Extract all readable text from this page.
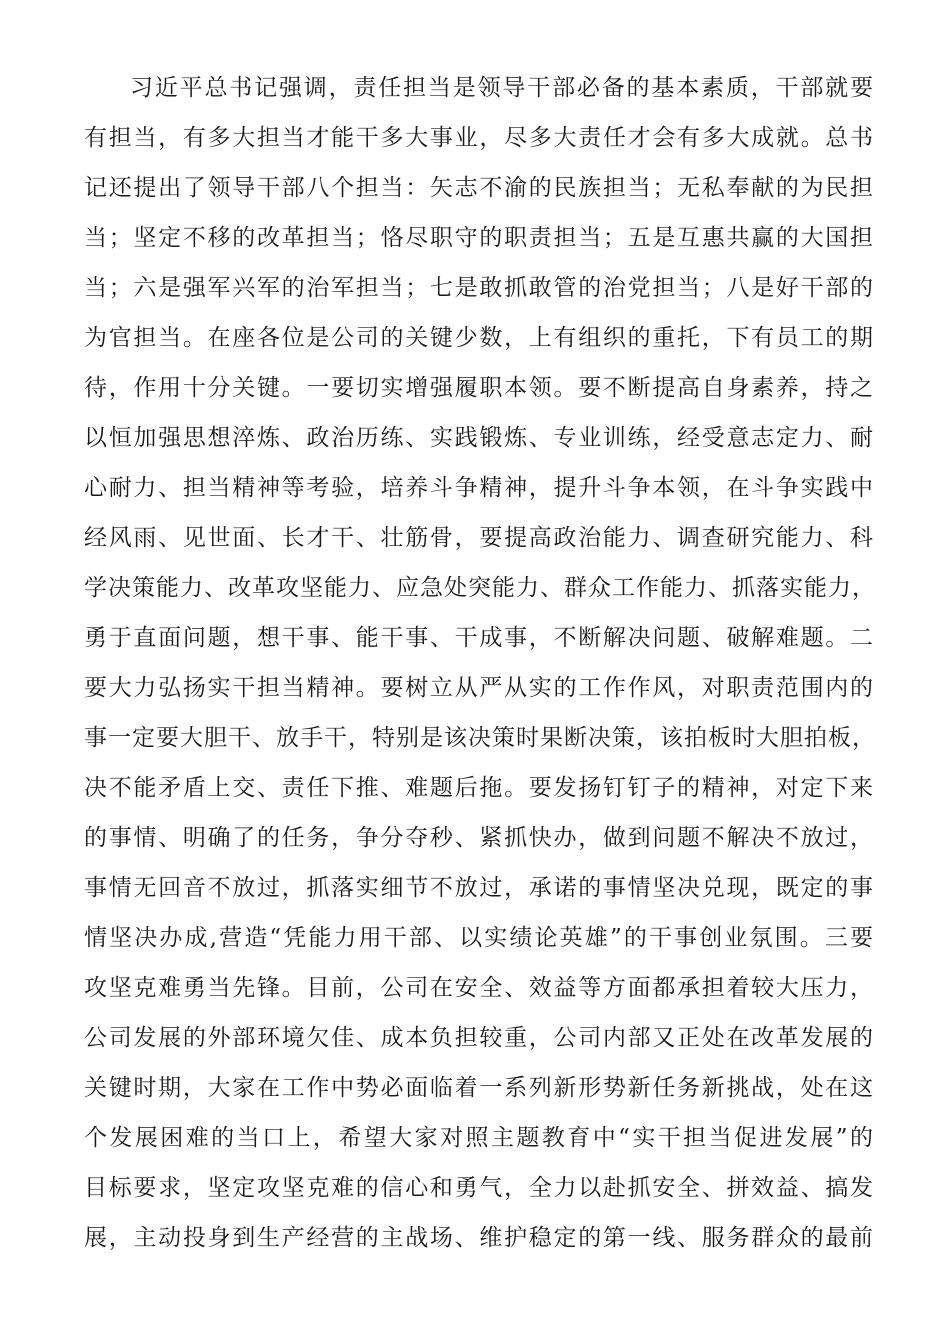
习近平总书记强调，责任担当是领导干部必备的基本素质，干部就要
有担当，有多大担当才能干多大事业，尽多大责任才会有多大成就。总书
记还提出了领导干部八个担当：矢志不渝的民族担当；无私奉献的为民担
当；坚定不移的改革担当；恪尽职守的职责担当；五是互惠共赢的大国担
当；六是强军兴军的治军担当；七是敢抓敢管的治党担当；八是好干部的
为官担当。在座各位是公司的关键少数，上有组织的重托，下有员工的期
待，作用十分关键。一要切实增强履职本领。要不断提高自身素养，持之
以恒加强思想淬炼、政治历练、实践锻炼、专业训练，经受意志定力、耐
心耐力、担当精神等考验，培养斗争精神，提升斗争本领，在斗争实践中
经风雨、见世面、长才干、壮筋骨，要提高政治能力、调查研究能力、科
学决策能力、改革攻坚能力、应急处突能力、群众工作能力、抓落实能力，
勇于直面问题，想干事、能干事、干成事，不断解决问题、破解难题。二
要大力弘扬实干担当精神。要树立从严从实的工作作风，对职责范围内的
事一定要大胆干、放手干，特别是该决策时果断决策，该拍板时大胆拍板，
决不能矛盾上交、责任下推、难题后拖。要发扬钉钉子的精神，对定下来
的事情、明确了的任务，争分夺秒、紧抓快办，做到问题不解决不放过，
事情无回音不放过，抓落实细节不放过，承诺的事情坚决兑现，既定的事
情坚决办成,营造“凭能力用干部、以实绩论英雄”的干事创业氛围。三要
攻坚克难勇当先锋。目前，公司在安全、效益等方面都承担着较大压力，
公司发展的外部环境欠佳、成本负担较重，公司内部又正处在改革发展的
关键时期，大家在工作中势必面临着一系列新形势新任务新挑战，处在这
个发展困难的当口上，希望大家对照主题教育中“实干担当促进发展”的
目标要求，坚定攻坚克难的信心和勇气，全力以赴抓安全、拼效益、搞发
展，主动投身到生产经营的主战场、维护稳定的第一线、服务群众的最前
